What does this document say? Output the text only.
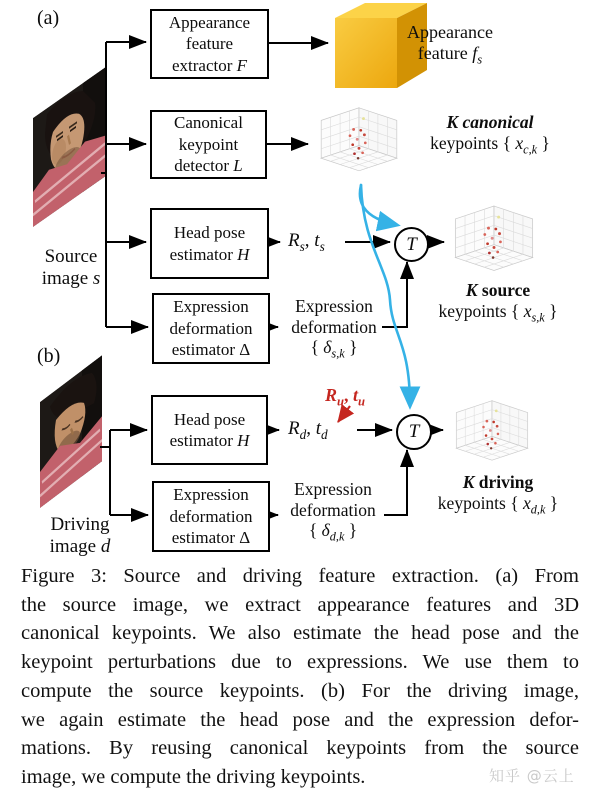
(a)
(b)
Source
image s
Driving
image d
Appearance
feature
extractor F
Canonical
keypoint
detector L
Head pose
estimator H
Expression
deformation
estimator Δ
Head pose
estimator H
Expression
deformation
estimator Δ
Appearance
feature $f_s$
K canonical
keypoints { $x_{c,k}$ }
$R_s$, $t_s$	T
K source
keypoints { $x_{s,k}$ }
Expression
deformation
{ $\delta_{s,k}$ }
$R_u$, $t_u$
$R_d$, $t_d$	T
K driving
keypoints { $x_{d,k}$ }
Expression
deformation
{ $\delta_{d,k}$ }
Figure 3: Source and driving feature extraction. (a) From
the source image, we extract appearance features and 3D
canonical keypoints. We also estimate the head pose and the
keypoint perturbations due to expressions. We use them to
compute the source keypoints. (b) For the driving image,
we again estimate the head pose and the expression defor-
mations. By reusing canonical keypoints from the source
image, we compute the driving keypoints.	知乎 @云上
